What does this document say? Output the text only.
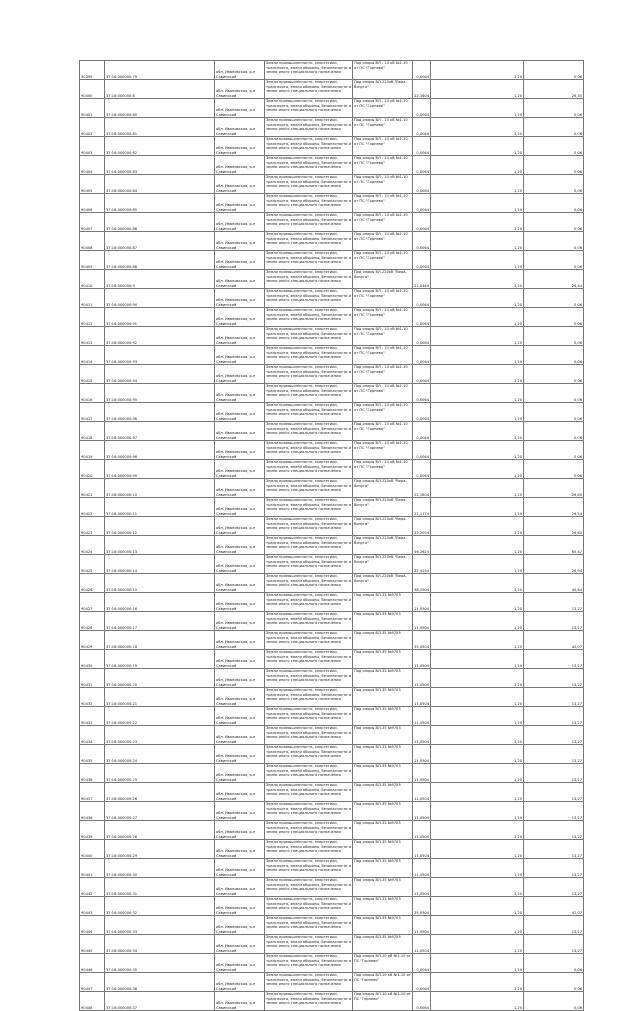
90399	37:16:000000:79	обл. Ивановская, р-н Савинский	Земли промышленности, энергетики, транспорта, земли обороны, безопасности и земли иного специального назначения	Под опоры ВЛ - 10 кВ №1-10 от ПС "Горнево"	0,0064	1,20	0,06
90400	37:16:000000:8	обл. Ивановская, р-н Савинский	Земли промышленности, энергетики, транспорта, земли обороны, безопасности и земли иного специального назначения	Под опоры ВЛ-220кВ "Вера-Вичуга"	22,1604	1,20	26,35
90401	37:16:000000:80	обл. Ивановская, р-н Савинский	Земли промышленности, энергетики, транспорта, земли обороны, безопасности и земли иного специального назначения	Под опоры ВЛ - 10 кВ №1-10 от ПС "Горнево"	0,0064	1,20	0,06
90402	37:16:000000:81	обл. Ивановская, р-н Савинский	Земли промышленности, энергетики, транспорта, земли обороны, безопасности и земли иного специального назначения	Под опоры ВЛ - 10 кВ №1-10 от ПС "Горнево"	0,0064	1,20	0,06
90403	37:16:000000:82	обл. Ивановская, р-н Савинский	Земли промышленности, энергетики, транспорта, земли обороны, безопасности и земли иного специального назначения	Под опоры ВЛ - 10 кВ №1-10 от ПС "Горнево"	0,0064	1,20	0,06
90404	37:16:000000:83	обл. Ивановская, р-н Савинский	Земли промышленности, энергетики, транспорта, земли обороны, безопасности и земли иного специального назначения	Под опоры ВЛ - 10 кВ №1-10 от ПС "Горнево"	0,0064	1,20	0,06
90405	37:16:000000:84	обл. Ивановская, р-н Савинский	Земли промышленности, энергетики, транспорта, земли обороны, безопасности и земли иного специального назначения	Под опоры ВЛ - 10 кВ №1-10 от ПС "Горнево"	0,0064	1,20	0,06
90406	37:16:000000:85	обл. Ивановская, р-н Савинский	Земли промышленности, энергетики, транспорта, земли обороны, безопасности и земли иного специального назначения	Под опоры ВЛ - 10 кВ №1-10 от ПС "Горнево"	0,0064	1,20	0,06
90407	37:16:000000:86	обл. Ивановская, р-н Савинский	Земли промышленности, энергетики, транспорта, земли обороны, безопасности и земли иного специального назначения	Под опоры ВЛ - 10 кВ №1-10 от ПС "Горнево"	0,0064	1,20	0,06
90408	37:16:000000:87	обл. Ивановская, р-н Савинский	Земли промышленности, энергетики, транспорта, земли обороны, безопасности и земли иного специального назначения	Под опоры ВЛ - 10 кВ №1-10 от ПС "Горнево"	0,0064	1,20	0,06
90409	37:16:000000:88	обл. Ивановская, р-н Савинский	Земли промышленности, энергетики, транспорта, земли обороны, безопасности и земли иного специального назначения	Под опоры ВЛ - 10 кВ №1-10 от ПС "Горнево"	0,0064	1,20	0,06
90410	37:16:000000:9	обл. Ивановская, р-н Савинский	Земли промышленности, энергетики, транспорта, земли обороны, безопасности и земли иного специального назначения	Под опоры ВЛ-220кВ "Вера-Вичуга"	22,0464	1,20	26,44
90411	37:16:000000:90	обл. Ивановская, р-н Савинский	Земли промышленности, энергетики, транспорта, земли обороны, безопасности и земли иного специального назначения	Под опоры ВЛ - 10 кВ №1-10 от ПС "Горнево"	0,0064	1,20	0,06
90412	37:16:000000:91	обл. Ивановская, р-н Савинский	Земли промышленности, энергетики, транспорта, земли обороны, безопасности и земли иного специального назначения	Под опоры ВЛ - 10 кВ №1-10 от ПС "Горнево"	0,0064	1,20	0,06
90413	37:16:000000:92	обл. Ивановская, р-н Савинский	Земли промышленности, энергетики, транспорта, земли обороны, безопасности и земли иного специального назначения	Под опоры ВЛ - 10 кВ №1-10 от ПС "Горнево"	0,0064	1,20	0,06
90414	37:16:000000:93	обл. Ивановская, р-н Савинский	Земли промышленности, энергетики, транспорта, земли обороны, безопасности и земли иного специального назначения	Под опоры ВЛ - 10 кВ №1-10 от ПС "Горнево"	0,0064	1,20	0,06
90415	37:16:000000:94	обл. Ивановская, р-н Савинский	Земли промышленности, энергетики, транспорта, земли обороны, безопасности и земли иного специального назначения	Под опоры ВЛ - 10 кВ №1-10 от ПС "Горнево"	0,0064	1,20	0,06
90416	37:16:000000:95	обл. Ивановская, р-н Савинский	Земли промышленности, энергетики, транспорта, земли обороны, безопасности и земли иного специального назначения	Под опоры ВЛ - 10 кВ №1-10 от ПС "Горнево"	0,0064	1,20	0,06
90417	37:16:000000:96	обл. Ивановская, р-н Савинский	Земли промышленности, энергетики, транспорта, земли обороны, безопасности и земли иного специального назначения	Под опоры ВЛ - 10 кВ №1-10 от ПС "Горнево"	0,0064	1,20	0,06
90418	37:16:000000:97	обл. Ивановская, р-н Савинский	Земли промышленности, энергетики, транспорта, земли обороны, безопасности и земли иного специального назначения	Под опоры ВЛ - 10 кВ №1-10 от ПС "Горнево"	0,0064	1,20	0,06
90419	37:16:000000:98	обл. Ивановская, р-н Савинский	Земли промышленности, энергетики, транспорта, земли обороны, безопасности и земли иного специального назначения	Под опоры ВЛ - 10 кВ №1-10 от ПС "Горнево"	0,0064	1,20	0,06
90420	37:16:000000:99	обл. Ивановская, р-н Савинский	Земли промышленности, энергетики, транспорта, земли обороны, безопасности и земли иного специального назначения	Под опоры ВЛ - 10 кВ №1-10 от ПС "Горнево"	0,0064	1,20	0,06
90421	37:16:000000:10	обл. Ивановская, р-н Савинский	Земли промышленности, энергетики, транспорта, земли обороны, безопасности и земли иного специального назначения	Под опоры ВЛ-220кВ "Вера-Вичуга"	22,1604	1,20	26,60
90422	37:16:000000:11	обл. Ивановская, р-н Савинский	Земли промышленности, энергетики, транспорта, земли обороны, безопасности и земли иного специального назначения	Под опоры ВЛ-220кВ "Вера-Вичуга"	22,1174	1,20	26,54
90423	37:16:000000:12	обл. Ивановская, р-н Савинский	Земли промышленности, энергетики, транспорта, земли обороны, безопасности и земли иного специального назначения	Под опоры ВЛ-220кВ "Вера-Вичуга"	22,2054	1,20	26,65
90424	37:16:000000:13	обл. Ивановская, р-н Савинский	Земли промышленности, энергетики, транспорта, земли обороны, безопасности и земли иного специального назначения	Под опоры ВЛ-220кВ "Вера-Вичуга"	56,2624	1,20	65,47
90425	37:16:000000:14	обл. Ивановская, р-н Савинский	Земли промышленности, энергетики, транспорта, земли обороны, безопасности и земли иного специального назначения	Под опоры ВЛ-220кВ "Вера-Вичуга"	22,4254	1,20	26,94
90426	37:16:000000:15	обл. Ивановская, р-н Савинский	Земли промышленности, энергетики, транспорта, земли обороны, безопасности и земли иного специального назначения	Под опоры ВЛ-220кВ "Вера-Вичуга"	38,1904	1,20	45,84
90427	37:16:000000:16	обл. Ивановская, р-н Савинский	Земли промышленности, энергетики, транспорта, земли обороны, безопасности и земли иного специального назначения	Под опоры ВЛ-35 №9703	11,0504	1,20	13,27
90428	37:16:000000:17	обл. Ивановская, р-н Савинский	Земли промышленности, энергетики, транспорта, земли обороны, безопасности и земли иного специального назначения	Под опоры ВЛ-35 №9703	11,0504	1,20	13,27
90429	37:16:000000:18	обл. Ивановская, р-н Савинский	Земли промышленности, энергетики, транспорта, земли обороны, безопасности и земли иного специального назначения	Под опоры ВЛ-35 №9703	35,0504	1,20	42,07
90430	37:16:000000:19	обл. Ивановская, р-н Савинский	Земли промышленности, энергетики, транспорта, земли обороны, безопасности и земли иного специального назначения	Под опоры ВЛ-35 №9703	11,0504	1,20	13,27
90431	37:16:000000:20	обл. Ивановская, р-н Савинский	Земли промышленности, энергетики, транспорта, земли обороны, безопасности и земли иного специального назначения	Под опоры ВЛ-35 №9703	11,0504	1,20	13,27
90432	37:16:000000:21	обл. Ивановская, р-н Савинский	Земли промышленности, энергетики, транспорта, земли обороны, безопасности и земли иного специального назначения	Под опоры ВЛ-35 №9703	11,0504	1,20	13,27
90433	37:16:000000:22	обл. Ивановская, р-н Савинский	Земли промышленности, энергетики, транспорта, земли обороны, безопасности и земли иного специального назначения	Под опоры ВЛ-35 №9703	11,0504	1,20	13,27
90434	37:16:000000:23	обл. Ивановская, р-н Савинский	Земли промышленности, энергетики, транспорта, земли обороны, безопасности и земли иного специального назначения	Под опоры ВЛ-35 №9703	11,0504	1,20	13,27
90435	37:16:000000:24	обл. Ивановская, р-н Савинский	Земли промышленности, энергетики, транспорта, земли обороны, безопасности и земли иного специального назначения	Под опоры ВЛ-35 №9703	11,0504	1,20	13,27
90436	37:16:000000:25	обл. Ивановская, р-н Савинский	Земли промышленности, энергетики, транспорта, земли обороны, безопасности и земли иного специального назначения	Под опоры ВЛ-35 №9703	11,0504	1,20	13,27
90437	37:16:000000:26	обл. Ивановская, р-н Савинский	Земли промышленности, энергетики, транспорта, земли обороны, безопасности и земли иного специального назначения	Под опоры ВЛ-35 №9703	11,0504	1,20	13,27
90438	37:16:000000:27	обл. Ивановская, р-н Савинский	Земли промышленности, энергетики, транспорта, земли обороны, безопасности и земли иного специального назначения	Под опоры ВЛ-35 №9703	11,0504	1,20	13,27
90439	37:16:000000:28	обл. Ивановская, р-н Савинский	Земли промышленности, энергетики, транспорта, земли обороны, безопасности и земли иного специального назначения	Под опоры ВЛ-35 №9703	11,0504	1,20	13,27
90440	37:16:000000:29	обл. Ивановская, р-н Савинский	Земли промышленности, энергетики, транспорта, земли обороны, безопасности и земли иного специального назначения	Под опоры ВЛ-35 №9703	11,0504	1,20	13,27
90441	37:16:000000:30	обл. Ивановская, р-н Савинский	Земли промышленности, энергетики, транспорта, земли обороны, безопасности и земли иного специального назначения	Под опоры ВЛ-35 №9703	11,0504	1,20	13,27
90442	37:16:000000:31	обл. Ивановская, р-н Савинский	Земли промышленности, энергетики, транспорта, земли обороны, безопасности и земли иного специального назначения	Под опоры ВЛ-35 №9703	11,0504	1,20	13,27
90443	37:16:000000:32	обл. Ивановская, р-н Савинский	Земли промышленности, энергетики, транспорта, земли обороны, безопасности и земли иного специального назначения	Под опоры ВЛ-35 №9703	35,0504	1,20	42,07
90444	37:16:000000:33	обл. Ивановская, р-н Савинский	Земли промышленности, энергетики, транспорта, земли обороны, безопасности и земли иного специального назначения	Под опоры ВЛ-35 №9703	11,0504	1,20	13,27
90445	37:16:000000:34	обл. Ивановская, р-н Савинский	Земли промышленности, энергетики, транспорта, земли обороны, безопасности и земли иного специального назначения	Под опоры ВЛ-35 №9703	11,0504	1,20	13,27
90446	37:16:000000:35	обл. Ивановская, р-н Савинский	Земли промышленности, энергетики, транспорта, земли обороны, безопасности и земли иного специального назначения	Под опоры ВЛ-10 кВ №1-10 от ПС "Горнево"	0,0064	1,20	0,06
90447	37:16:000000:36	обл. Ивановская, р-н Савинский	Земли промышленности, энергетики, транспорта, земли обороны, безопасности и земли иного специального назначения	Под опоры ВЛ-10 кВ №1-10 от ПС "Горнево"	0,0064	1,20	0,06
90448	37:16:000000:37	обл. Ивановская, р-н Савинский	Земли промышленности, энергетики, транспорта, земли обороны, безопасности и земли иного специального назначения	Под опоры ВЛ-10 кВ №1-10 от ПС "Горнево"	0,0064	1,20	0,06
